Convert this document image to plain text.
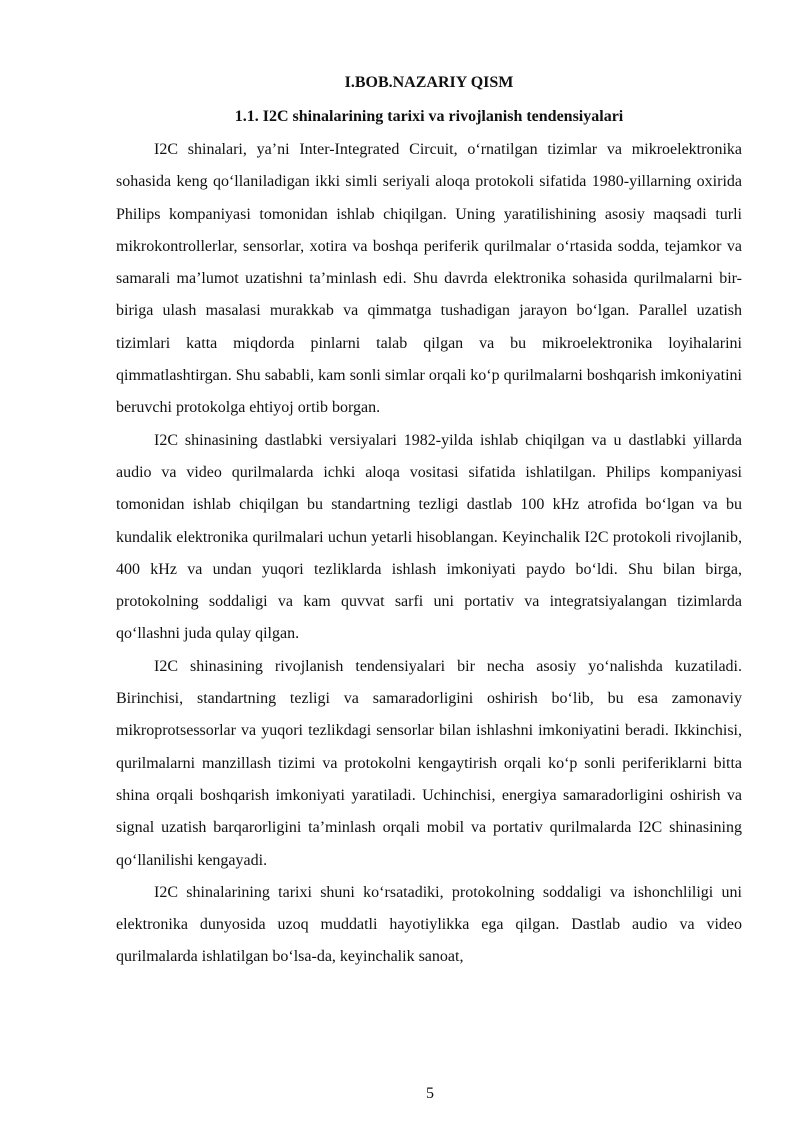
I.BOB.NAZARIY QISM
1.1. I2C shinalarining tarixi va rivojlanish tendensiyalari

I2C shinalari, ya’ni Inter-Integrated Circuit, o‘rnatilgan tizimlar va mikroelektronika sohasida keng qo‘llaniladigan ikki simli seriyali aloqa protokoli sifatida 1980-yillarning oxirida Philips kompaniyasi tomonidan ishlab chiqilgan. Uning yaratilishining asosiy maqsadi turli mikrokontrollerlar, sensorlar, xotira va boshqa periferik qurilmalar o‘rtasida sodda, tejamkor va samarali ma’lumot uzatishni ta’minlash edi. Shu davrda elektronika sohasida qurilmalarni bir-biriga ulash masalasi murakkab va qimmatga tushadigan jarayon bo‘lgan. Parallel uzatish tizimlari katta miqdorda pinlarni talab qilgan va bu mikroelektronika loyihalarini qimmatlashtirgan. Shu sababli, kam sonli simlar orqali ko‘p qurilmalarni boshqarish imkoniyatini beruvchi protokolga ehtiyoj ortib borgan.

I2C shinasining dastlabki versiyalari 1982-yilda ishlab chiqilgan va u dastlabki yillarda audio va video qurilmalarda ichki aloqa vositasi sifatida ishlatilgan. Philips kompaniyasi tomonidan ishlab chiqilgan bu standartning tezligi dastlab 100 kHz atrofida bo‘lgan va bu kundalik elektronika qurilmalari uchun yetarli hisoblangan. Keyinchalik I2C protokoli rivojlanib, 400 kHz va undan yuqori tezliklarda ishlash imkoniyati paydo bo‘ldi. Shu bilan birga, protokolning soddaligi va kam quvvat sarfi uni portativ va integratsiyalangan tizimlarda qo‘llashni juda qulay qilgan.

I2C shinasining rivojlanish tendensiyalari bir necha asosiy yo‘nalishda kuzatiladi. Birinchisi, standartning tezligi va samaradorligini oshirish bo‘lib, bu esa zamonaviy mikroprotsessorlar va yuqori tezlikdagi sensorlar bilan ishlashni imkoniyatini beradi. Ikkinchisi, qurilmalarni manzillash tizimi va protokolni kengaytirish orqali ko‘p sonli periferiklarni bitta shina orqali boshqarish imkoniyati yaratiladi. Uchinchisi, energiya samaradorligini oshirish va signal uzatish barqarorligini ta’minlash orqali mobil va portativ qurilmalarda I2C shinasining qo‘llanilishi kengayadi.

I2C shinalarining tarixi shuni ko‘rsatadiki, protokolning soddaligi va ishonchliligi uni elektronika dunyosida uzoq muddatli hayotiylikka ega qilgan. Dastlab audio va video qurilmalarda ishlatilgan bo‘lsa-da, keyinchalik sanoat,

5
